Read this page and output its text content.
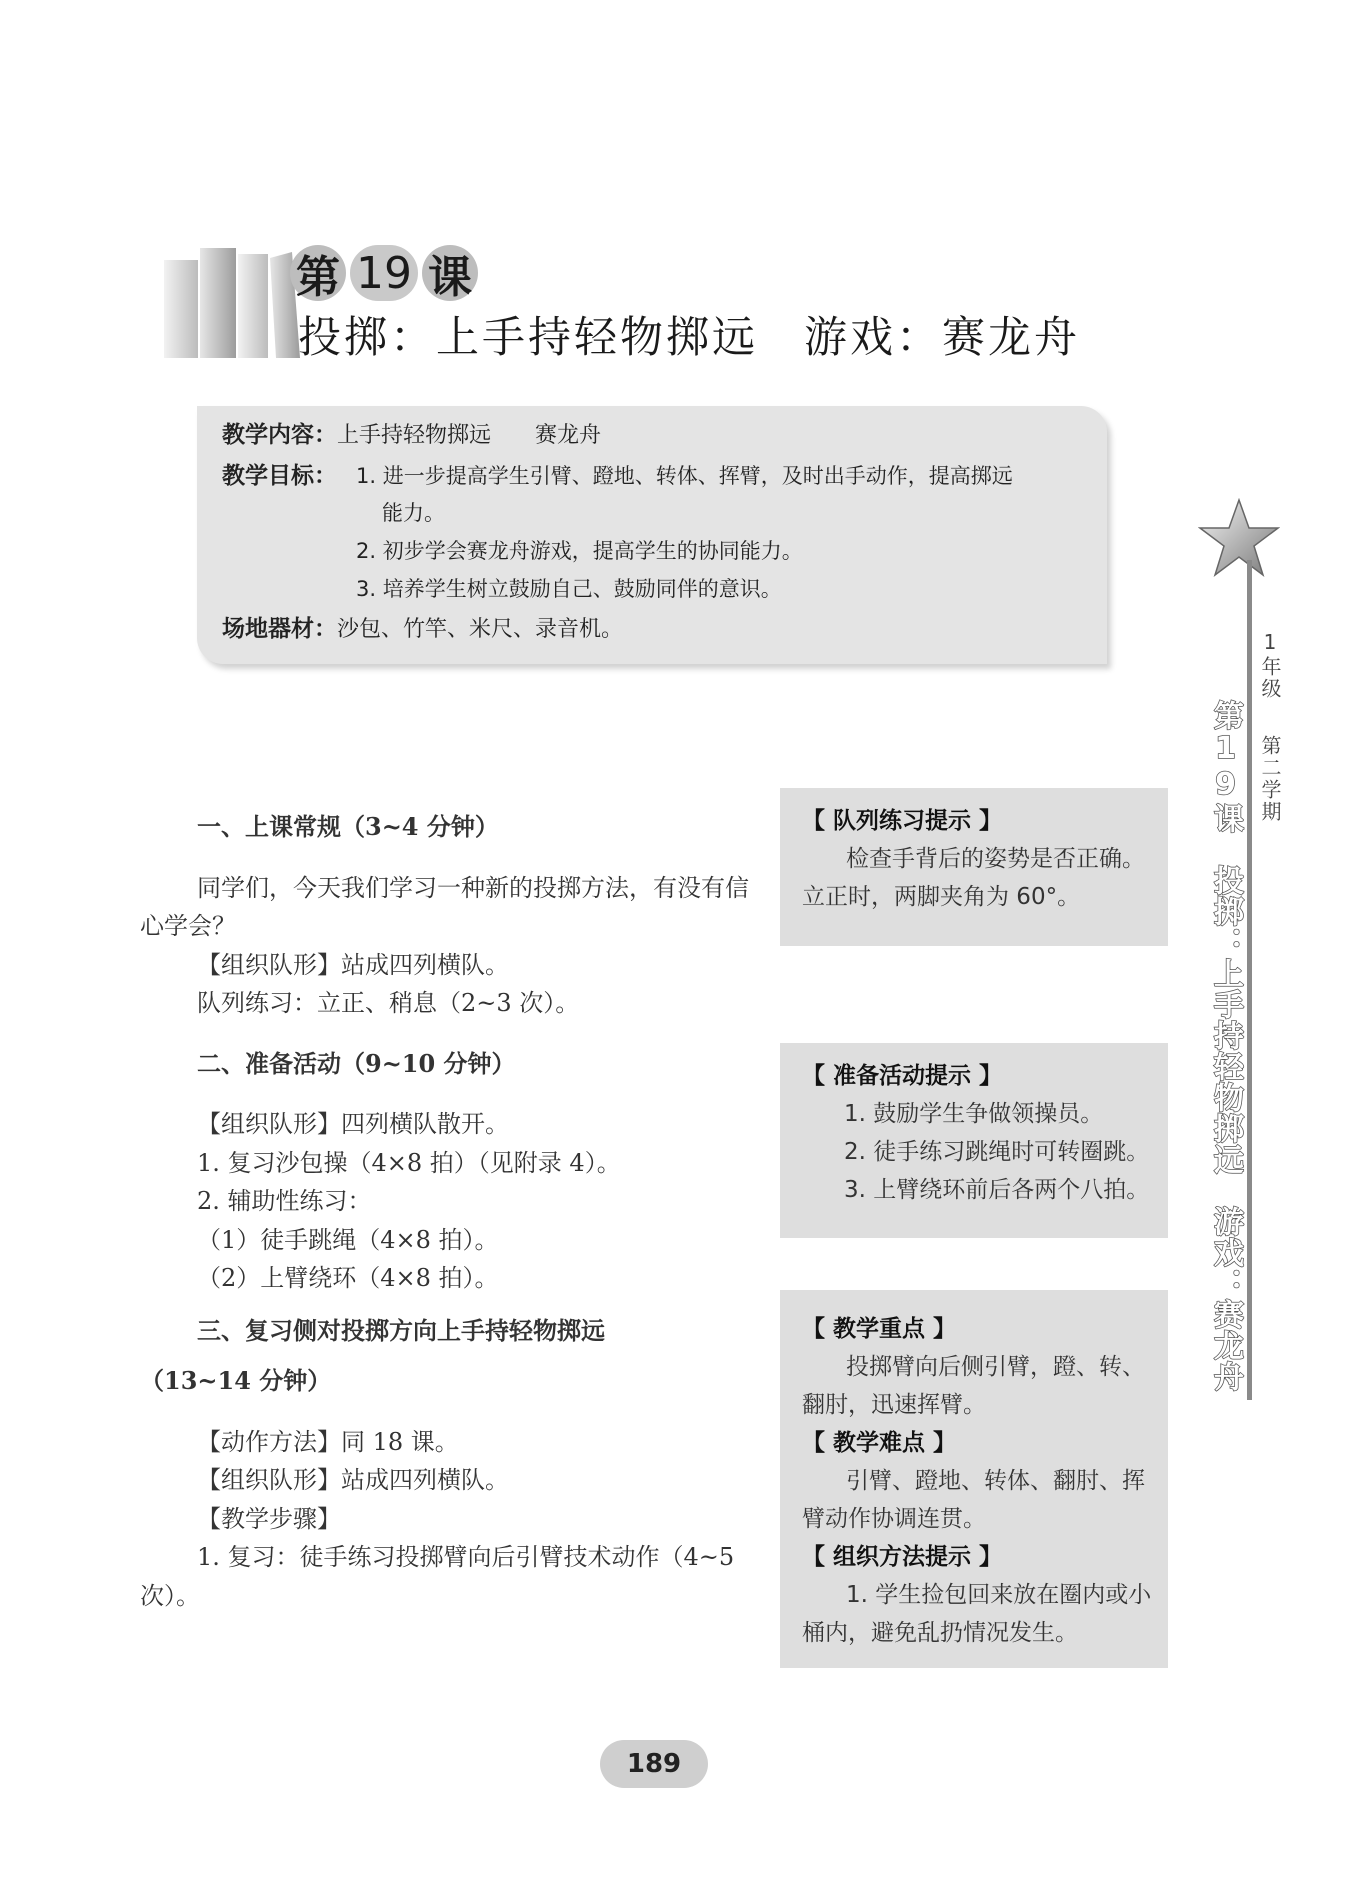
第 19 课
投掷：上手持轻物掷远　游戏：赛龙舟
教学内容：上手持轻物掷远　　赛龙舟
教学目标： 1. 进一步提高学生引臂、蹬地、转体、挥臂，及时出手动作，提高掷远
能力。
2. 初步学会赛龙舟游戏，提高学生的协同能力。
3. 培养学生树立鼓励自己、鼓励同伴的意识。
场地器材：沙包、竹竿、米尺、录音机。
1年级
第二学期
第19课　投掷：上手持轻物掷远　游戏：赛龙舟

一、上课常规（3~4 分钟）

同学们，今天我们学习一种新的投掷方法，有没有信心学会？

【组织队形】站成四列横队。

队列练习：立正、稍息（2~3 次）。

二、准备活动（9~10 分钟）

【组织队形】四列横队散开。

1. 复习沙包操（4×8 拍）（见附录 4）。

2. 辅助性练习：

（1）徒手跳绳（4×8 拍）。

（2）上臂绕环（4×8 拍）。

三、复习侧对投掷方向上手持轻物掷远

（13~14 分钟）

【动作方法】同 18 课。

【组织队形】站成四列横队。

【教学步骤】

1. 复习：徒手练习投掷臂向后引臂技术动作（4~5 次）。

【 队列练习提示 】

检查手背后的姿势是否正确。立正时，两脚夹角为 60°。

【 准备活动提示 】

1. 鼓励学生争做领操员。

2. 徒手练习跳绳时可转圈跳。

3. 上臂绕环前后各两个八拍。

【 教学重点 】

投掷臂向后侧引臂，蹬、转、翻肘，迅速挥臂。

【 教学难点 】

引臂、蹬地、转体、翻肘、挥臂动作协调连贯。

【 组织方法提示 】

1. 学生捡包回来放在圈内或小桶内，避免乱扔情况发生。

189
